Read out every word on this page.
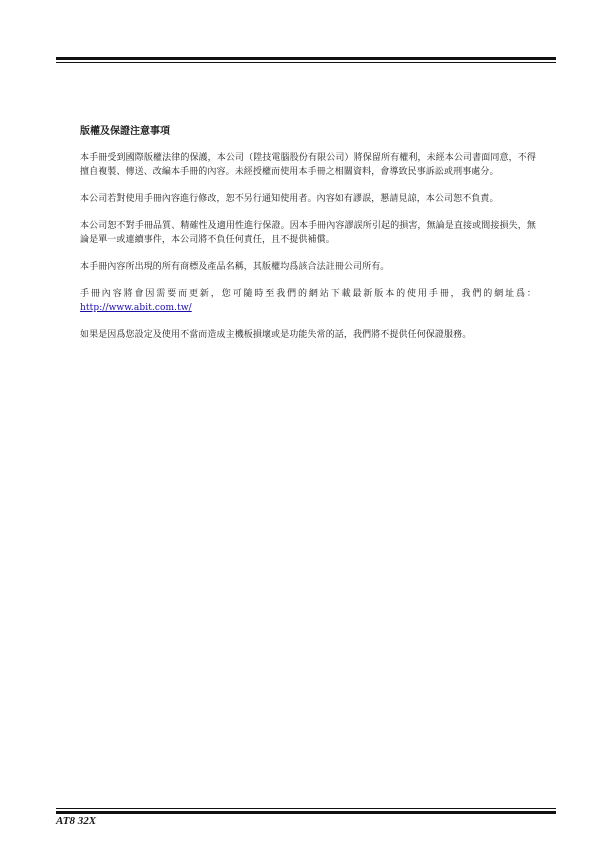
版權及保證注意事項

本手冊受到國際版權法律的保護，本公司（陞技電腦股份有限公司）將保留所有權利，未經本公司書面同意，不得擅自複製、傳送、改編本手冊的內容。未經授權而使用本手冊之相關資料，會導致民事訴訟或刑事處分。

本公司若對使用手冊內容進行修改，恕不另行通知使用者。內容如有謬誤，懇請見諒，本公司恕不負責。

本公司恕不對手冊品質、精確性及適用性進行保證。因本手冊內容謬誤所引起的損害，無論是直接或間接損失，無論是單一或連續事件，本公司將不負任何責任，且不提供補償。

本手冊內容所出現的所有商標及產品名稱，其版權均爲該合法註冊公司所有。

手冊內容將會因需要而更新，您可隨時至我們的網站下載最新版本的使用手冊，我們的網址爲：http://www.abit.com.tw/

如果是因爲您設定及使用不當而造成主機板損壞或是功能失常的話，我們將不提供任何保證服務。

AT8 32X
